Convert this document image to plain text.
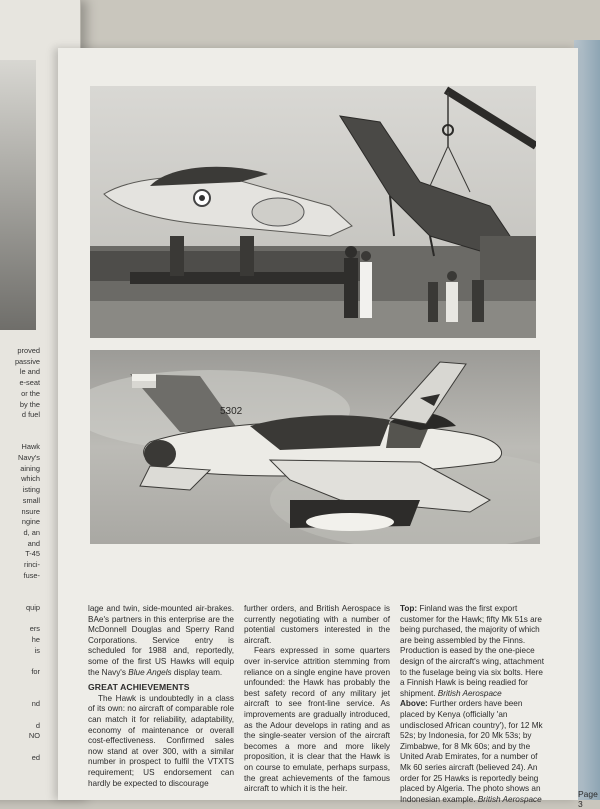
proved
passive
le and
e-seat
or the
by the
d fuel

Hawk
Navy's
aining
which
isting
small
nsure
ngine
d, an
and
T-45
rinci-
fuse-

quip

ers
he
is

for

nd

d
NO

ed
5302

lage and twin, side-mounted air-brakes. BAe's partners in this enterprise are the McDonnell Douglas and Sperry Rand Corporations. Service entry is scheduled for 1988 and, reportedly, some of the first US Hawks will equip the Navy's Blue Angels display team.

GREAT ACHIEVEMENTS

The Hawk is undoubtedly in a class of its own: no aircraft of comparable role can match it for reliability, adaptability, economy of maintenance or overall cost-effectiveness. Confirmed sales now stand at over 300, with a similar number in prospect to fulfil the VTXTS requirement; US endorsement can hardly be expected to discourage

further orders, and British Aerospace is currently negotiating with a number of potential customers interested in the aircraft.

Fears expressed in some quarters over in-service attrition stemming from reliance on a single engine have proven unfounded: the Hawk has probably the best safety record of any military jet aircraft to see front-line service. As improvements are gradually introduced, as the Adour develops in rating and as the single-seater version of the aircraft becomes a more and more likely proposition, it is clear that the Hawk is on course to emulate, perhaps surpass, the great achievements of the famous aircraft to which it is the heir.

Top: Finland was the first export customer for the Hawk; fifty Mk 51s are being purchased, the majority of which are being assembled by the Finns. Production is eased by the one-piece design of the aircraft's wing, attachment to the fuselage being via six bolts. Here a Finnish Hawk is being readied for shipment. British Aerospace

Above: Further orders have been placed by Kenya (officially 'an undisclosed African country'), for 12 Mk 52s; by Indonesia, for 20 Mk 53s; by Zimbabwe, for 8 Mk 60s; and by the United Arab Emirates, for a number of Mk 60 series aircraft (believed 24). An order for 25 Hawks is reportedly being placed by Algeria. The photo shows an Indonesian example. British Aerospace

Page 3
